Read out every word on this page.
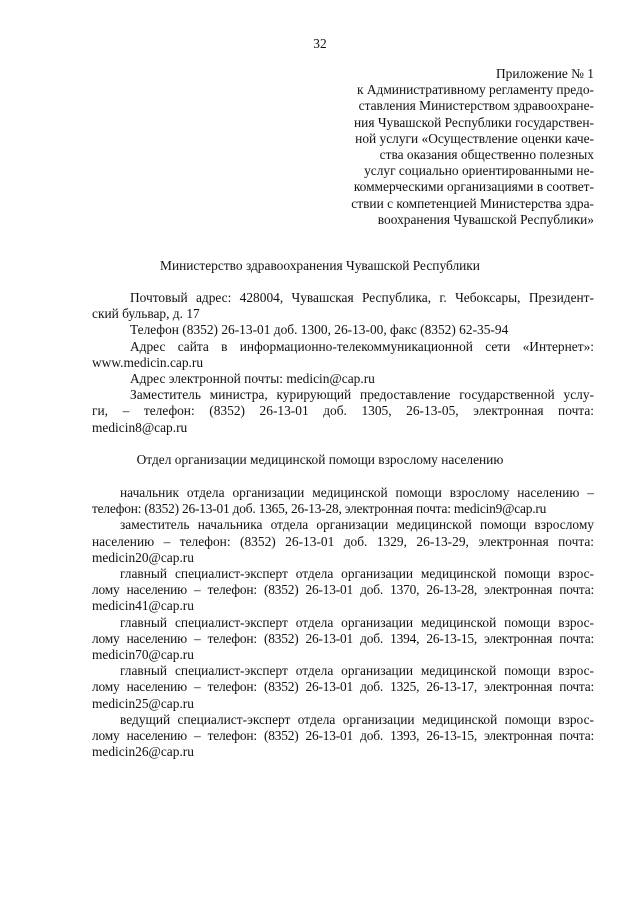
32
Приложение № 1
к Административному регламенту предо-
ставления Министерством здравоохране-
ния Чувашской Республики государствен-
ной услуги «Осуществление оценки каче-
ства оказания общественно полезных
услуг социально ориентированными не-
коммерческими организациями в соответ-
ствии с компетенцией Министерства здра-
воохранения Чувашской Республики»
Министерство здравоохранения Чувашской Республики
Почтовый адрес: 428004, Чувашская Республика, г. Чебоксары, Президент-
ский бульвар, д. 17
Телефон (8352) 26-13-01 доб. 1300, 26-13-00, факс (8352) 62-35-94
Адрес сайта в информационно-телекоммуникационной сети «Интернет»:
www.medicin.cap.ru
Адрес электронной почты: medicin@cap.ru
Заместитель министра, курирующий предоставление государственной услу-
ги, – телефон: (8352) 26-13-01 доб. 1305, 26-13-05, электронная почта:
medicin8@cap.ru
Отдел организации медицинской помощи взрослому населению
начальник отдела организации медицинской помощи взрослому населению –
телефон: (8352) 26-13-01 доб. 1365, 26-13-28, электронная почта: medicin9@cap.ru
заместитель начальника отдела организации медицинской помощи взрослому
населению – телефон: (8352) 26-13-01 доб. 1329, 26-13-29, электронная почта:
medicin20@cap.ru
главный специалист-эксперт отдела организации медицинской помощи взрос-
лому населению – телефон: (8352) 26-13-01 доб. 1370, 26-13-28, электронная почта:
medicin41@cap.ru
главный специалист-эксперт отдела организации медицинской помощи взрос-
лому населению – телефон: (8352) 26-13-01 доб. 1394, 26-13-15, электронная почта:
medicin70@cap.ru
главный специалист-эксперт отдела организации медицинской помощи взрос-
лому населению – телефон: (8352) 26-13-01 доб. 1325, 26-13-17, электронная почта:
medicin25@cap.ru
ведущий специалист-эксперт отдела организации медицинской помощи взрос-
лому населению – телефон: (8352) 26-13-01 доб. 1393, 26-13-15, электронная почта:
medicin26@cap.ru
